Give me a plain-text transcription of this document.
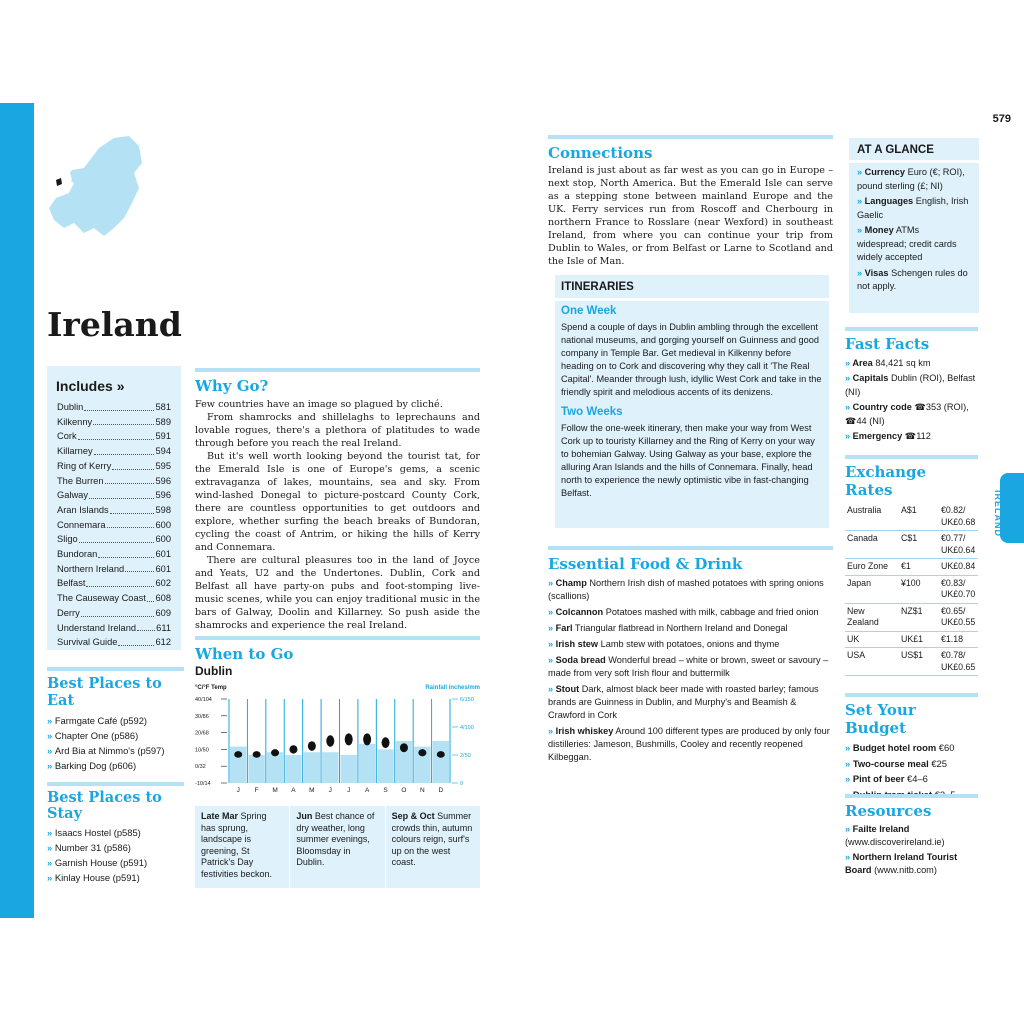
579
IRELAND
Ireland
Includes »
Dublin	581
Kilkenny	589
Cork	591
Killarney	594
Ring of Kerry	595
The Burren	596
Galway	596
Aran Islands	598
Connemara	600
Sligo	600
Bundoran	601
Northern Ireland	601
Belfast	602
The Causeway Coast 608
Derry	609
Understand Ireland 611
Survival Guide	612
Best Places to Eat
» Farmgate Café (p592)
» Chapter One (p586)
» Ard Bia at Nimmo's (p597)
» Barking Dog (p606)
Best Places to Stay
» Isaacs Hostel (p585)
» Number 31 (p586)
» Garnish House (p591)
» Kinlay House (p591)
Why Go?

Few countries have an image so plagued by cliché.

From shamrocks and shillelaghs to leprechauns and lovable rogues, there's a plethora of platitudes to wade through before you reach the real Ireland.

But it's well worth looking beyond the tourist tat, for the Emerald Isle is one of Europe's gems, a scenic extravaganza of lakes, mountains, sea and sky. From wind-lashed Donegal to picture-postcard County Cork, there are countless opportunities to get outdoors and explore, whether surfing the beach breaks of Bundoran, cycling the coast of Antrim, or hiking the hills of Kerry and Connemara.

There are cultural pleasures too in the land of Joyce and Yeats, U2 and the Undertones. Dublin, Cork and Belfast all have party-on pubs and foot-stomping live-music scenes, while you can enjoy traditional music in the bars of Galway, Doolin and Killarney. So push aside the shamrocks and experience the real Ireland.

When to Go
Dublin
°C/°F Temp	Rainfall inches/mm
40/104
30/86
20/68
10/50
0/32
-10/14
6/150
4/100
2/50
0
J F M A M J J A S O N D
Late Mar Spring has sprung, landscape is greening, St Patrick's Day festivities beckon.
Jun Best chance of dry weather, long summer evenings, Bloomsday in Dublin.
Sep & Oct Summer crowds thin, autumn colours reign, surf's up on the west coast.
Connections

Ireland is just about as far west as you can go in Europe – next stop, North America. But the Emerald Isle can serve as a stepping stone between mainland Europe and the UK. Ferry services run from Roscoff and Cherbourg in northern France to Rosslare (near Wexford) in southeast Ireland, from where you can continue your trip from Dublin to Wales, or from Belfast or Larne to Scotland and the Isle of Man.

ITINERARIES
One Week
Spend a couple of days in Dublin ambling through the excellent national museums, and gorging yourself on Guinness and good company in Temple Bar. Get medieval in Kilkenny before heading on to Cork and discovering why they call it 'The Real Capital'. Meander through lush, idyllic West Cork and take in the friendly spirit and melodious accents of its denizens.
Two Weeks
Follow the one-week itinerary, then make your way from West Cork up to touristy Killarney and the Ring of Kerry on your way to bohemian Galway. Using Galway as your base, explore the alluring Aran Islands and the hills of Connemara. Finally, head north to experience the newly optimistic vibe in fast-changing Belfast.
Essential Food & Drink
» Champ Northern Irish dish of mashed potatoes with spring onions (scallions)
» Colcannon Potatoes mashed with milk, cabbage and fried onion
» Farl Triangular flatbread in Northern Ireland and Donegal
» Irish stew Lamb stew with potatoes, onions and thyme
» Soda bread Wonderful bread – white or brown, sweet or savoury – made from very soft Irish flour and buttermilk
» Stout Dark, almost black beer made with roasted barley; famous brands are Guinness in Dublin, and Murphy's and Beamish & Crawford in Cork
» Irish whiskey Around 100 different types are produced by only four distilleries: Jameson, Bushmills, Cooley and recently reopened Kilbeggan.
AT A GLANCE
» Currency Euro (€; ROI), pound sterling (£; NI)
» Languages English, Irish Gaelic
» Money ATMs widespread; credit cards widely accepted
» Visas Schengen rules do not apply.
Fast Facts
» Area 84,421 sq km
» Capitals Dublin (ROI), Belfast (NI)
» Country code ☎353 (ROI), ☎44 (NI)
» Emergency ☎112
Exchange Rates
Australia	A$1	€0.82/ UK£0.68
Canada	C$1	€0.77/ UK£0.64
Euro Zone	€1	UK£0.84
Japan	¥100	€0.83/ UK£0.70
New Zealand	NZ$1	€0.65/ UK£0.55
UK	UK£1	€1.18
USA	US$1	€0.78/ UK£0.65
Set Your Budget
» Budget hotel room €60
» Two-course meal €25
» Pint of beer €4–6
» Dublin tram ticket €2–5
Resources
» Failte Ireland (www.discoverireland.ie)
» Northern Ireland Tourist Board (www.nitb.com)
